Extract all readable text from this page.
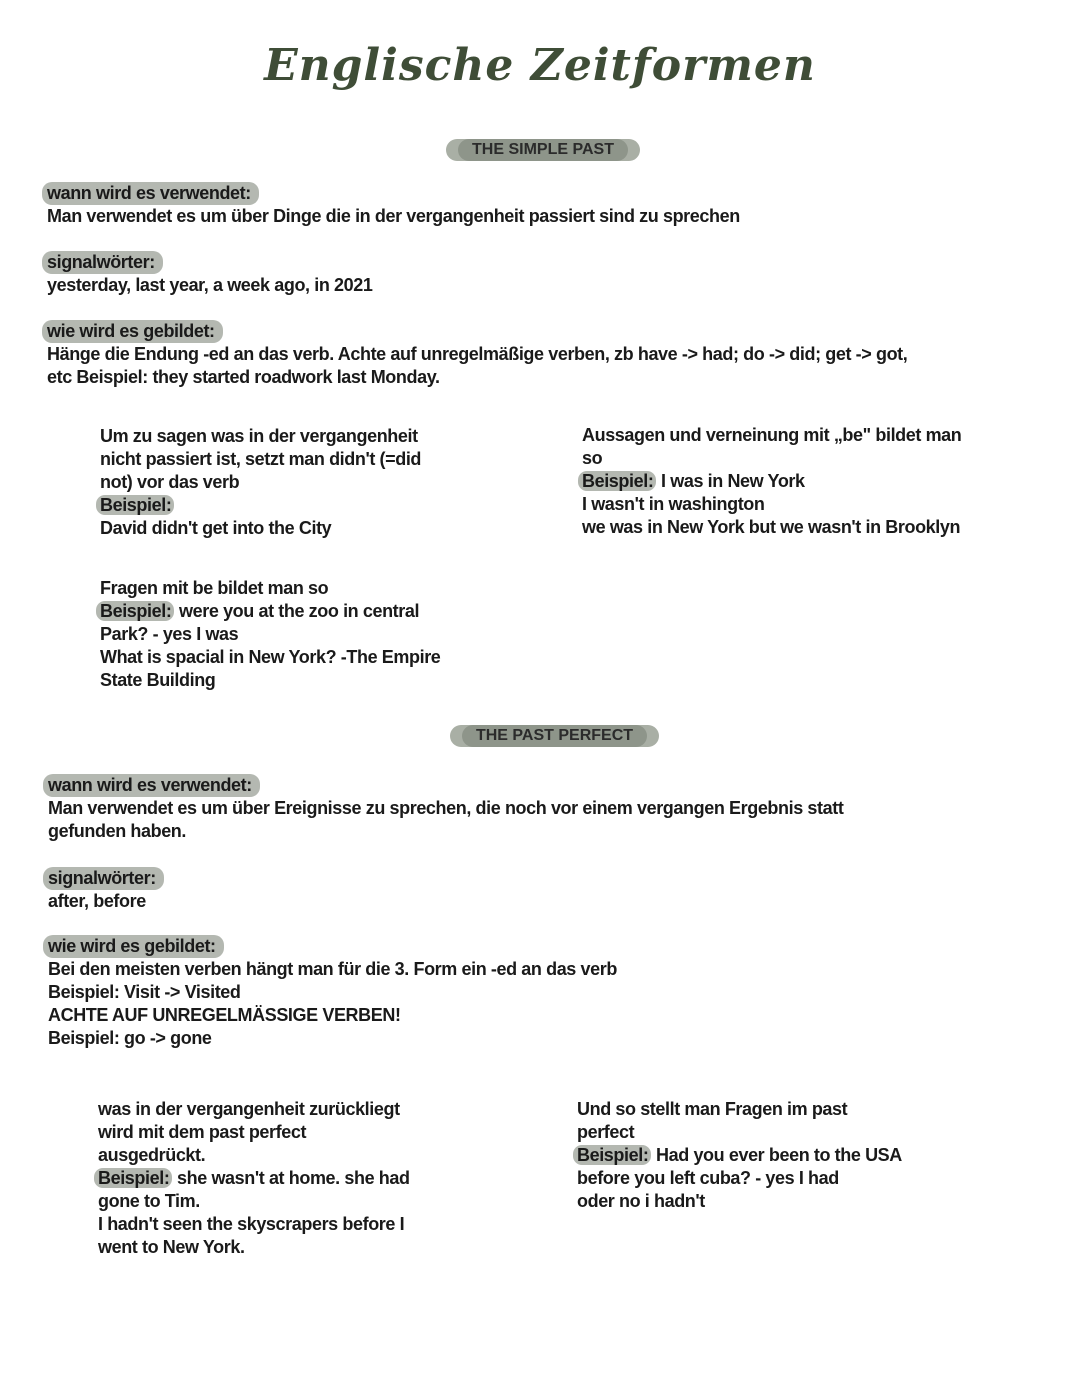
Englische Zeitformen
THE SIMPLE PAST
wann wird es verwendet:
Man verwendet es um über Dinge die in der vergangenheit passiert sind zu sprechen
signalwörter:
yesterday, last year, a week ago, in 2021
wie wird es gebildet:
Hänge die Endung -ed an das verb. Achte auf unregelmäßige verben, zb have -> had; do -> did; get -> got,
etc Beispiel: they started roadwork last Monday.
Um zu sagen was in der vergangenheit
nicht passiert ist, setzt man didn't (=did
not) vor das verb
Beispiel:
David didn't get into the City
Aussagen und verneinung mit „be" bildet man
so
Beispiel: I was in New York
I wasn't in washington
we was in New York but we wasn't in Brooklyn
Fragen mit be bildet man so
Beispiel: were you at the zoo in central
Park? - yes I was
What is spacial in New York? -The Empire
State Building
THE PAST PERFECT
wann wird es verwendet:
Man verwendet es um über Ereignisse zu sprechen, die noch vor einem vergangen Ergebnis statt
gefunden haben.
signalwörter:
after, before
wie wird es gebildet:
Bei den meisten verben hängt man für die 3. Form ein -ed an das verb
Beispiel: Visit -> Visited
ACHTE AUF UNREGELMÄSSIGE VERBEN!
Beispiel: go -> gone
was in der vergangenheit zurückliegt
wird mit dem past perfect
ausgedrückt.
Beispiel: she wasn't at home. she had
gone to Tim.
I hadn't seen the skyscrapers before I
went to New York.
Und so stellt man Fragen im past
perfect
Beispiel: Had you ever been to the USA
before you left cuba? - yes I had
oder no i hadn't
